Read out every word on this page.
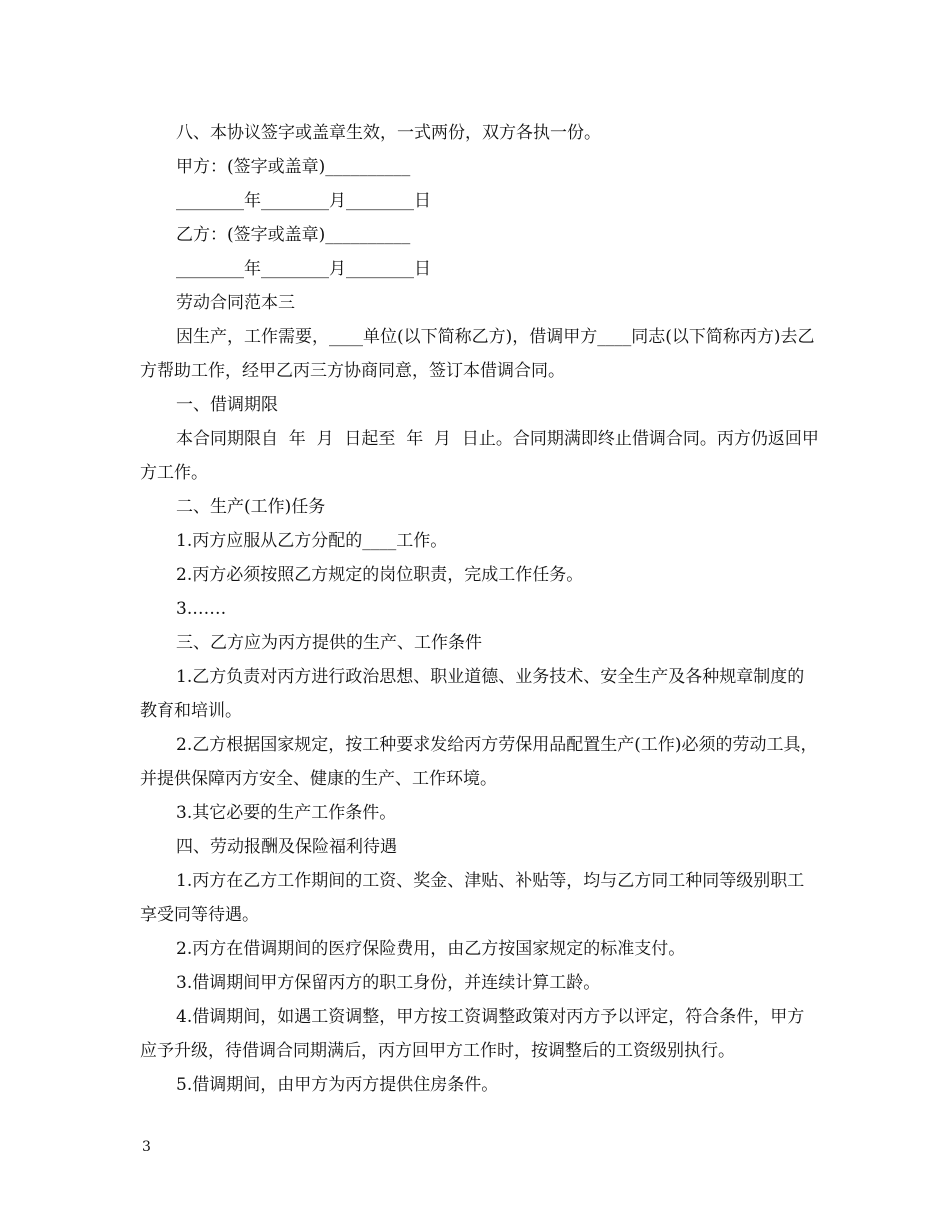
八、本协议签字或盖章生效，一式两份，双方各执一份。

甲方：(签字或盖章)__________

________年________月________日

乙方：(签字或盖章)__________

________年________月________日

劳动合同范本三

因生产，工作需要，____单位(以下简称乙方)，借调甲方____同志(以下简称丙方)去乙方帮助工作，经甲乙丙三方协商同意，签订本借调合同。

一、借调期限

本合同期限自  年  月  日起至  年  月  日止。合同期满即终止借调合同。丙方仍返回甲方工作。

二、生产(工作)任务

1.丙方应服从乙方分配的____工作。

2.丙方必须按照乙方规定的岗位职责，完成工作任务。

3.……

三、乙方应为丙方提供的生产、工作条件

1.乙方负责对丙方进行政治思想、职业道德、业务技术、安全生产及各种规章制度的教育和培训。

2.乙方根据国家规定，按工种要求发给丙方劳保用品配置生产(工作)必须的劳动工具，并提供保障丙方安全、健康的生产、工作环境。

3.其它必要的生产工作条件。

四、劳动报酬及保险福利待遇

1.丙方在乙方工作期间的工资、奖金、津贴、补贴等，均与乙方同工种同等级别职工享受同等待遇。

2.丙方在借调期间的医疗保险费用，由乙方按国家规定的标准支付。

3.借调期间甲方保留丙方的职工身份，并连续计算工龄。

4.借调期间，如遇工资调整，甲方按工资调整政策对丙方予以评定，符合条件，甲方应予升级，待借调合同期满后，丙方回甲方工作时，按调整后的工资级别执行。

5.借调期间，由甲方为丙方提供住房条件。

3
